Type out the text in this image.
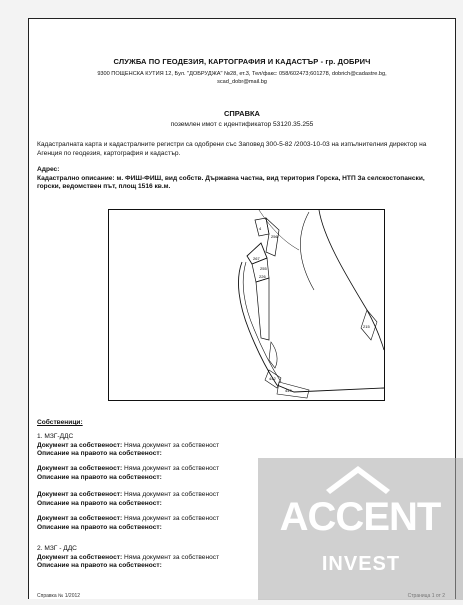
СЛУЖБА ПО ГЕОДЕЗИЯ, КАРТОГРАФИЯ И КАДАСТЪР - гр. ДОБРИЧ
9300 ПОЩЕНСКА КУТИЯ 12, Бул. "ДОБРУДЖА" №28, ет.3, Тел/факс: 058/602473;601278, dobrich@cadastre.bg,
scad_dobr@mail.bg
СПРАВКА
поземлен имот с идентификатор 53120.35.255
Кадастралната карта и кадастралните регистри са одобрени със Заповед 300-5-82 /2003-10-03 на изпълнителния директор на Агенция по геодезия, картография и кадастър.
Адрес:
Кадастрално описание: м. ФИШ-ФИШ, вид собств. Държавна частна, вид територия Горска, НТП За селскостопански, горски, ведомствен път, площ 1516 кв.м.
4
256
267
255
226
215
449
442
Собственици:
1. МЗГ-ДДС
Документ за собственост: Няма документ за собственост
Описание на правото на собственост:
Документ за собственост: Няма документ за собственост
Описание на правото на собственост:
Документ за собственост: Няма документ за собственост
Описание на правото на собственост:
Документ за собственост: Няма документ за собственост
Описание на правото на собственост:
2. МЗГ - ДДС
Документ за собственост: Няма документ за собственост
Описание на правото на собственост:
Справка № 1/2012
ACCENT
INVEST
